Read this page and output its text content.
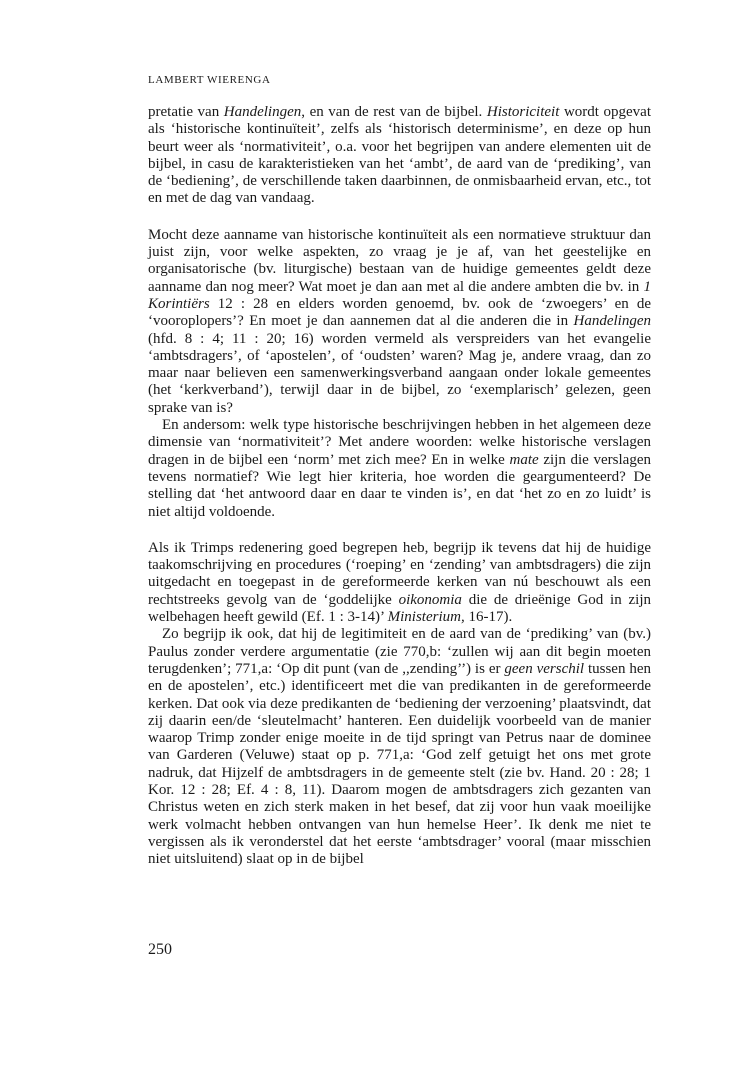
LAMBERT WIERENGA

pretatie van Handelingen, en van de rest van de bijbel. Historiciteit wordt opgevat als ‘historische kontinuïteit’, zelfs als ‘historisch determinisme’, en deze op hun beurt weer als ‘normativiteit’, o.a. voor het begrijpen van andere elementen uit de bijbel, in casu de karakteristieken van het ‘ambt’, de aard van de ‘prediking’, van de ‘bediening’, de verschillende taken daarbinnen, de onmisbaarheid ervan, etc., tot en met de dag van vandaag.

Mocht deze aanname van historische kontinuïteit als een normatieve struktuur dan juist zijn, voor welke aspekten, zo vraag je je af, van het geestelijke en organisatorische (bv. liturgische) bestaan van de huidige gemeentes geldt deze aanname dan nog meer? Wat moet je dan aan met al die andere ambten die bv. in 1 Korintiërs 12 : 28 en elders worden genoemd, bv. ook de ‘zwoegers’ en de ‘vooroplopers’? En moet je dan aannemen dat al die anderen die in Handelingen (hfd. 8 : 4; 11 : 20; 16) worden vermeld als verspreiders van het evangelie ‘ambtsdragers’, of ‘apostelen’, of ‘oudsten’ waren? Mag je, andere vraag, dan zo maar naar believen een samenwerkingsverband aangaan onder lokale gemeentes (het ‘kerkverband’), terwijl daar in de bijbel, zo ‘exemplarisch’ gelezen, geen sprake van is?

En andersom: welk type historische beschrijvingen hebben in het algemeen deze dimensie van ‘normativiteit’? Met andere woorden: welke historische verslagen dragen in de bijbel een ‘norm’ met zich mee? En in welke mate zijn die verslagen tevens normatief? Wie legt hier kriteria, hoe worden die geargumenteerd? De stelling dat ‘het antwoord daar en daar te vinden is’, en dat ‘het zo en zo luidt’ is niet altijd voldoende.

Als ik Trimps redenering goed begrepen heb, begrijp ik tevens dat hij de huidige taakomschrijving en procedures (‘roeping’ en ‘zending’ van ambtsdragers) die zijn uitgedacht en toegepast in de gereformeerde kerken van nú beschouwt als een rechtstreeks gevolg van de ‘goddelijke oikonomia die de drieënige God in zijn welbehagen heeft gewild (Ef. 1 : 3-14)’ Ministerium, 16-17).

Zo begrijp ik ook, dat hij de legitimiteit en de aard van de ‘prediking’ van (bv.) Paulus zonder verdere argumentatie (zie 770,b: ‘zullen wij aan dit begin moeten terugdenken’; 771,a: ‘Op dit punt (van de ,,zending’’) is er geen verschil tussen hen en de apostelen’, etc.) identificeert met die van predikanten in de gereformeerde kerken. Dat ook via deze predikanten de ‘bediening der verzoening’ plaatsvindt, dat zij daarin een/de ‘sleutelmacht’ hanteren. Een duidelijk voorbeeld van de manier waarop Trimp zonder enige moeite in de tijd springt van Petrus naar de dominee van Garderen (Veluwe) staat op p. 771,a: ‘God zelf getuigt het ons met grote nadruk, dat Hijzelf de ambtsdragers in de gemeente stelt (zie bv. Hand. 20 : 28; 1 Kor. 12 : 28; Ef. 4 : 8, 11). Daarom mogen de ambtsdragers zich gezanten van Christus weten en zich sterk maken in het besef, dat zij voor hun vaak moeilijke werk volmacht hebben ontvangen van hun hemelse Heer’. Ik denk me niet te vergissen als ik veronderstel dat het eerste ‘ambtsdrager’ vooral (maar misschien niet uitsluitend) slaat op in de bijbel

250
